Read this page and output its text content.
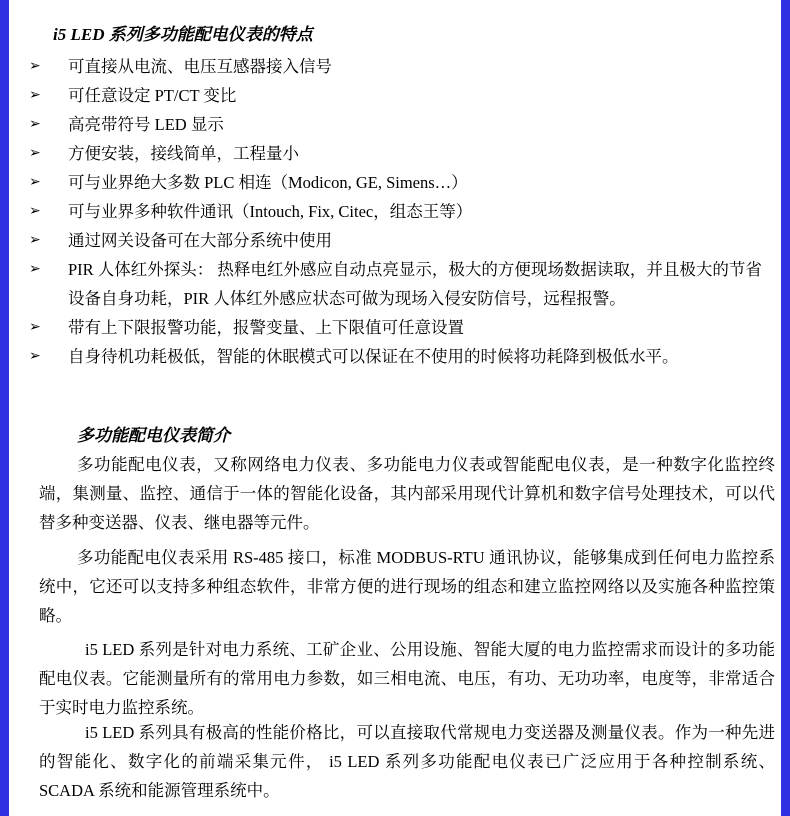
i5 LED 系列多功能配电仪表的特点
➢ 可直接从电流、电压互感器接入信号
➢ 可任意设定 PT/CT 变比
➢ 高亮带符号 LED 显示
➢ 方便安装，接线简单，工程量小
➢ 可与业界绝大多数 PLC 相连（Modicon, GE, Simens…）
➢ 可与业界多种软件通讯（Intouch, Fix, Citec，组态王等）
➢ 通过网关设备可在大部分系统中使用
➢ PIR 人体红外探头： 热释电红外感应自动点亮显示，极大的方便现场数据读取，并且极大的节省设备自身功耗，PIR 人体红外感应状态可做为现场入侵安防信号，远程报警。
➢ 带有上下限报警功能，报警变量、上下限值可任意设置
➢ 自身待机功耗极低，智能的休眠模式可以保证在不使用的时候将功耗降到极低水平。
多功能配电仪表简介
多功能配电仪表，又称网络电力仪表、多功能电力仪表或智能配电仪表，是一种数字化监控终端，集测量、监控、通信于一体的智能化设备，其内部采用现代计算机和数字信号处理技术，可以代替多种变送器、仪表、继电器等元件。
多功能配电仪表采用 RS-485 接口，标准 MODBUS-RTU 通讯协议，能够集成到任何电力监控系统中，它还可以支持多种组态软件，非常方便的进行现场的组态和建立监控网络以及实施各种监控策略。
i5 LED 系列是针对电力系统、工矿企业、公用设施、智能大厦的电力监控需求而设计的多功能配电仪表。它能测量所有的常用电力参数，如三相电流、电压，有功、无功功率，电度等，非常适合于实时电力监控系统。
i5 LED 系列具有极高的性能价格比，可以直接取代常规电力变送器及测量仪表。作为一种先进的智能化、数字化的前端采集元件， i5 LED 系列多功能配电仪表已广泛应用于各种控制系统、SCADA 系统和能源管理系统中。
